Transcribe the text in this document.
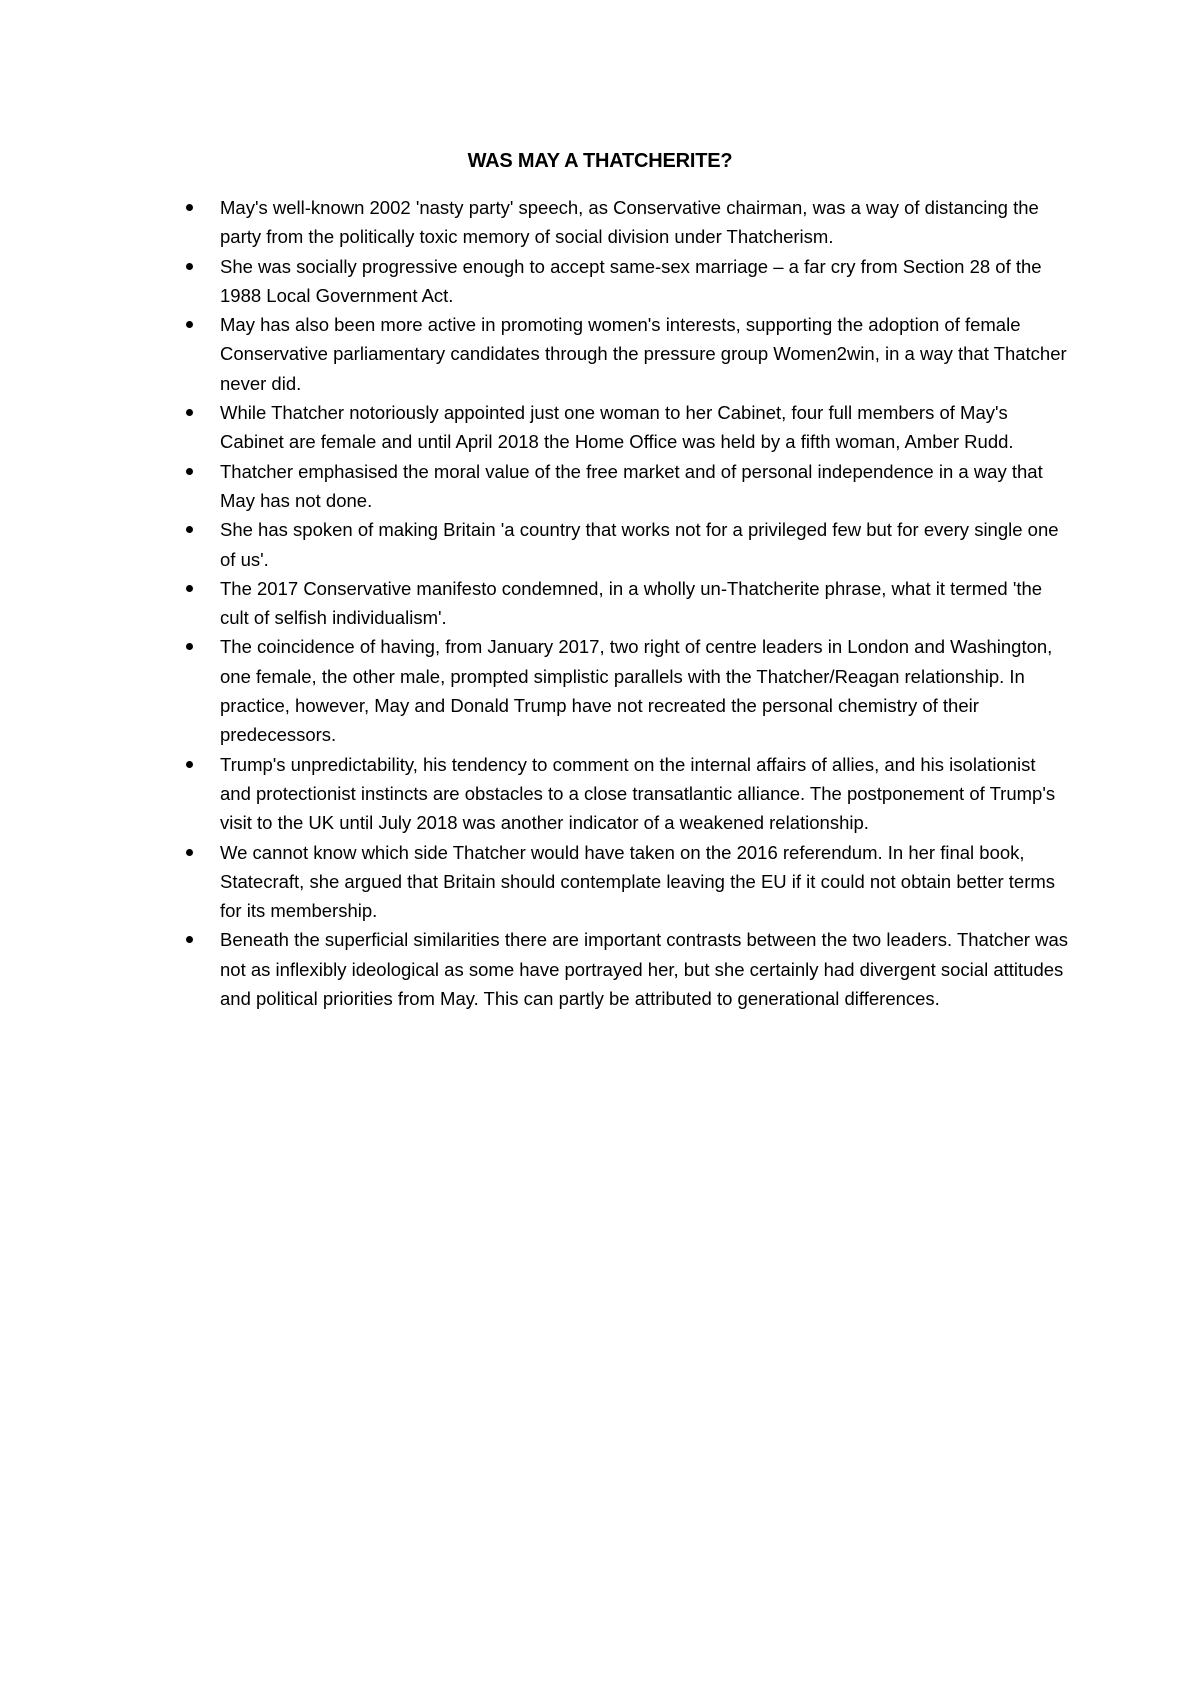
WAS MAY A THATCHERITE?
May's well-known 2002 'nasty party' speech, as Conservative chairman, was a way of distancing the party from the politically toxic memory of social division under Thatcherism.
She was socially progressive enough to accept same-sex marriage – a far cry from Section 28 of the 1988 Local Government Act.
May has also been more active in promoting women's interests, supporting the adoption of female Conservative parliamentary candidates through the pressure group Women2win, in a way that Thatcher never did.
While Thatcher notoriously appointed just one woman to her Cabinet, four full members of May's Cabinet are female and until April 2018 the Home Office was held by a fifth woman, Amber Rudd.
Thatcher emphasised the moral value of the free market and of personal independence in a way that May has not done.
She has spoken of making Britain 'a country that works not for a privileged few but for every single one of us'.
The 2017 Conservative manifesto condemned, in a wholly un-Thatcherite phrase, what it termed 'the cult of selfish individualism'.
The coincidence of having, from January 2017, two right of centre leaders in London and Washington, one female, the other male, prompted simplistic parallels with the Thatcher/Reagan relationship. In practice, however, May and Donald Trump have not recreated the personal chemistry of their predecessors.
Trump's unpredictability, his tendency to comment on the internal affairs of allies, and his isolationist and protectionist instincts are obstacles to a close transatlantic alliance. The postponement of Trump's visit to the UK until July 2018 was another indicator of a weakened relationship.
We cannot know which side Thatcher would have taken on the 2016 referendum. In her final book, Statecraft, she argued that Britain should contemplate leaving the EU if it could not obtain better terms for its membership.
Beneath the superficial similarities there are important contrasts between the two leaders. Thatcher was not as inflexibly ideological as some have portrayed her, but she certainly had divergent social attitudes and political priorities from May. This can partly be attributed to generational differences.
